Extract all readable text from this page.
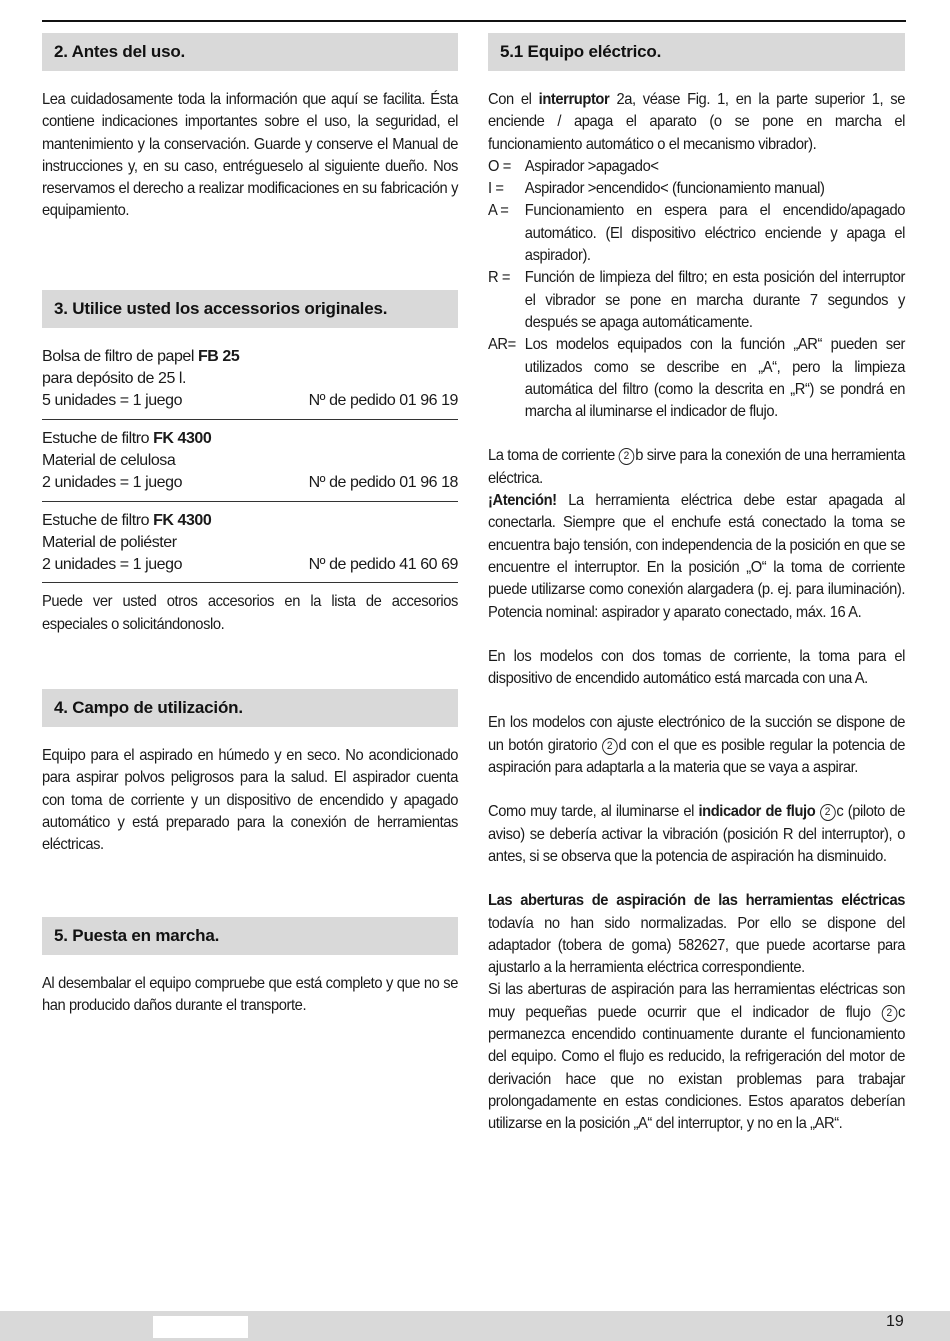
2. Antes del uso.
Lea cuidadosamente toda la información que aquí se facilita. Ésta contiene indicaciones importantes sobre el uso, la seguridad, el mantenimiento y la conservación. Guarde y conserve el Manual de instrucciones y, en su caso, entrégueselo al siguiente dueño. Nos reservamos el derecho a realizar modificaciones en su fabricación y equipamiento.
3. Utilice usted los accessorios originales.
Bolsa de filtro de papel FB 25
para depósito de 25 l.
5 unidades = 1 juego	Nº de pedido 01 96 19
Estuche de filtro FK 4300
Material de celulosa
2 unidades = 1 juego	Nº de pedido 01 96 18
Estuche de filtro FK 4300
Material de poliéster
2 unidades = 1 juego	Nº de pedido 41 60 69
Puede ver usted otros accesorios en la lista de accesorios especiales o solicitándonoslo.
4. Campo de utilización.
Equipo para el aspirado en húmedo y en seco. No acondicionado para aspirar polvos peligrosos para la salud. El aspirador cuenta con toma de corriente y un dispositivo de encendido y apagado automático y está preparado para la conexión de herramientas eléctricas.
5. Puesta en marcha.
Al desembalar el equipo compruebe que está completo y que no se han producido daños durante el transporte.
5.1 Equipo eléctrico.
Con el interruptor 2a, véase Fig. 1, en la parte superior 1, se enciende / apaga el aparato (o se pone en marcha el funcionamiento automático o el mecanismo vibrador).
O = Aspirador >apagado<
I =	Aspirador >encendido< (funcionamiento manual)
A =	Funcionamiento en espera para el encendido/apagado automático. (El dispositivo eléctrico enciende y apaga el aspirador).
R = Función de limpieza del filtro; en esta posición del interruptor el vibrador se pone en marcha durante 7 segundos y después se apaga automáticamente.
AR= Los modelos equipados con la función „AR“ pueden ser utilizados como se describe en „A“, pero la limpieza automática del filtro (como la descrita en „R“) se pondrá en marcha al iluminarse el indicador de flujo.
La toma de corriente 2 b sirve para la conexión de una herramienta eléctrica.
¡Atención! La herramienta eléctrica debe estar apagada al conectarla. Siempre que el enchufe está conectado la toma se encuentra bajo tensión, con independencia de la posición en que se encuentre el interruptor. En la posición „O“ la toma de corriente puede utilizarse como conexión alargadera (p. ej. para iluminación). Potencia nominal: aspirador y aparato conectado, máx. 16 A.
En los modelos con dos tomas de corriente, la toma para el dispositivo de encendido automático está marcada con una A.
En los modelos con ajuste electrónico de la succión se dispone de un botón giratorio 2 d con el que es posible regular la potencia de aspiración para adaptarla a la materia que se vaya a aspirar.
Como muy tarde, al iluminarse el indicador de flujo 2 c (piloto de aviso) se debería activar la vibración (posición R del interruptor), o antes, si se observa que la potencia de aspiración ha disminuido.
Las aberturas de aspiración de las herramientas eléctricas todavía no han sido normalizadas. Por ello se dispone del adaptador (tobera de goma) 582627, que puede acortarse para ajustarlo a la herramienta eléctrica correspondiente.
Si las aberturas de aspiración para las herramientas eléctricas son muy pequeñas puede ocurrir que el indicador de flujo 2 c permanezca encendido continuamente durante el funcionamiento del equipo. Como el flujo es reducido, la refrigeración del motor de derivación hace que no existan problemas para trabajar prolongadamente en estas condiciones. Estos aparatos deberían utilizarse en la posición „A“ del interruptor, y no en la „AR“.
19
